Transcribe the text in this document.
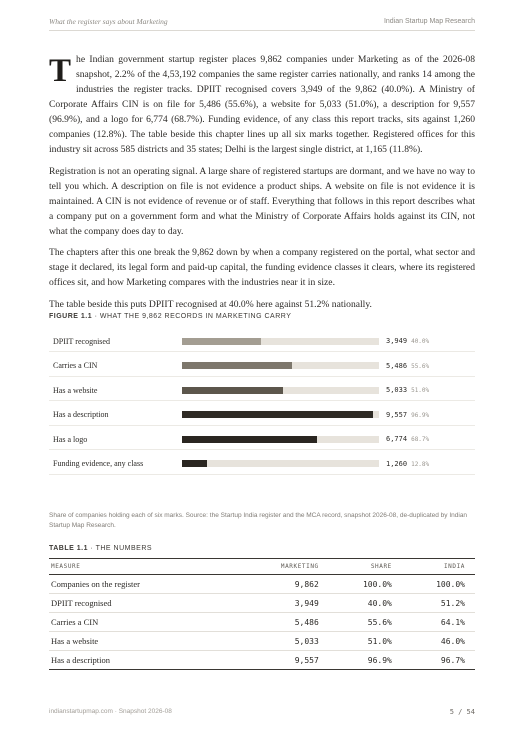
What the register says about Marketing	Indian Startup Map Research

The Indian government startup register places 9,862 companies under Marketing as of the 2026-08 snapshot, 2.2% of the 4,53,192 companies the same register carries nationally, and ranks 14 among the industries the register tracks. DPIIT recognised covers 3,949 of the 9,862 (40.0%). A Ministry of Corporate Affairs CIN is on file for 5,486 (55.6%), a website for 5,033 (51.0%), a description for 9,557 (96.9%), and a logo for 6,774 (68.7%). Funding evidence, of any class this report tracks, sits against 1,260 companies (12.8%). The table beside this chapter lines up all six marks together. Registered offices for this industry sit across 585 districts and 35 states; Delhi is the largest single district, at 1,165 (11.8%).

Registration is not an operating signal. A large share of registered startups are dormant, and we have no way to tell you which. A description on file is not evidence a product ships. A website on file is not evidence it is maintained. A CIN is not evidence of revenue or of staff. Everything that follows in this report describes what a company put on a government form and what the Ministry of Corporate Affairs holds against its CIN, not what the company does day to day.

The chapters after this one break the 9,862 down by when a company registered on the portal, what sector and stage it declared, its legal form and paid-up capital, the funding evidence classes it clears, where its registered offices sit, and how Marketing compares with the industries near it in size.

The table beside this puts DPIIT recognised at 40.0% here against 51.2% nationally.

FIGURE 1.1 · WHAT THE 9,862 RECORDS IN MARKETING CARRY
DPIIT recognised	3,949 40.0%
Carries a CIN	5,486 55.6%
Has a website	5,033 51.0%
Has a description	9,557 96.9%
Has a logo	6,774 68.7%
Funding evidence, any class	1,260 12.8%
Share of companies holding each of six marks. Source: the Startup India register and the MCA record, snapshot 2026-08, de-duplicated by Indian Startup Map Research.
TABLE 1.1 · THE NUMBERS
MEASURE	MARKETING	SHARE	INDIA
Companies on the register	9,862	100.0%	100.0%
DPIIT recognised	3,949	40.0%	51.2%
Carries a CIN	5,486	55.6%	64.1%
Has a website	5,033	51.0%	46.0%
Has a description	9,557	96.9%	96.7%
indianstartupmap.com · Snapshot 2026-08	5 / 54
